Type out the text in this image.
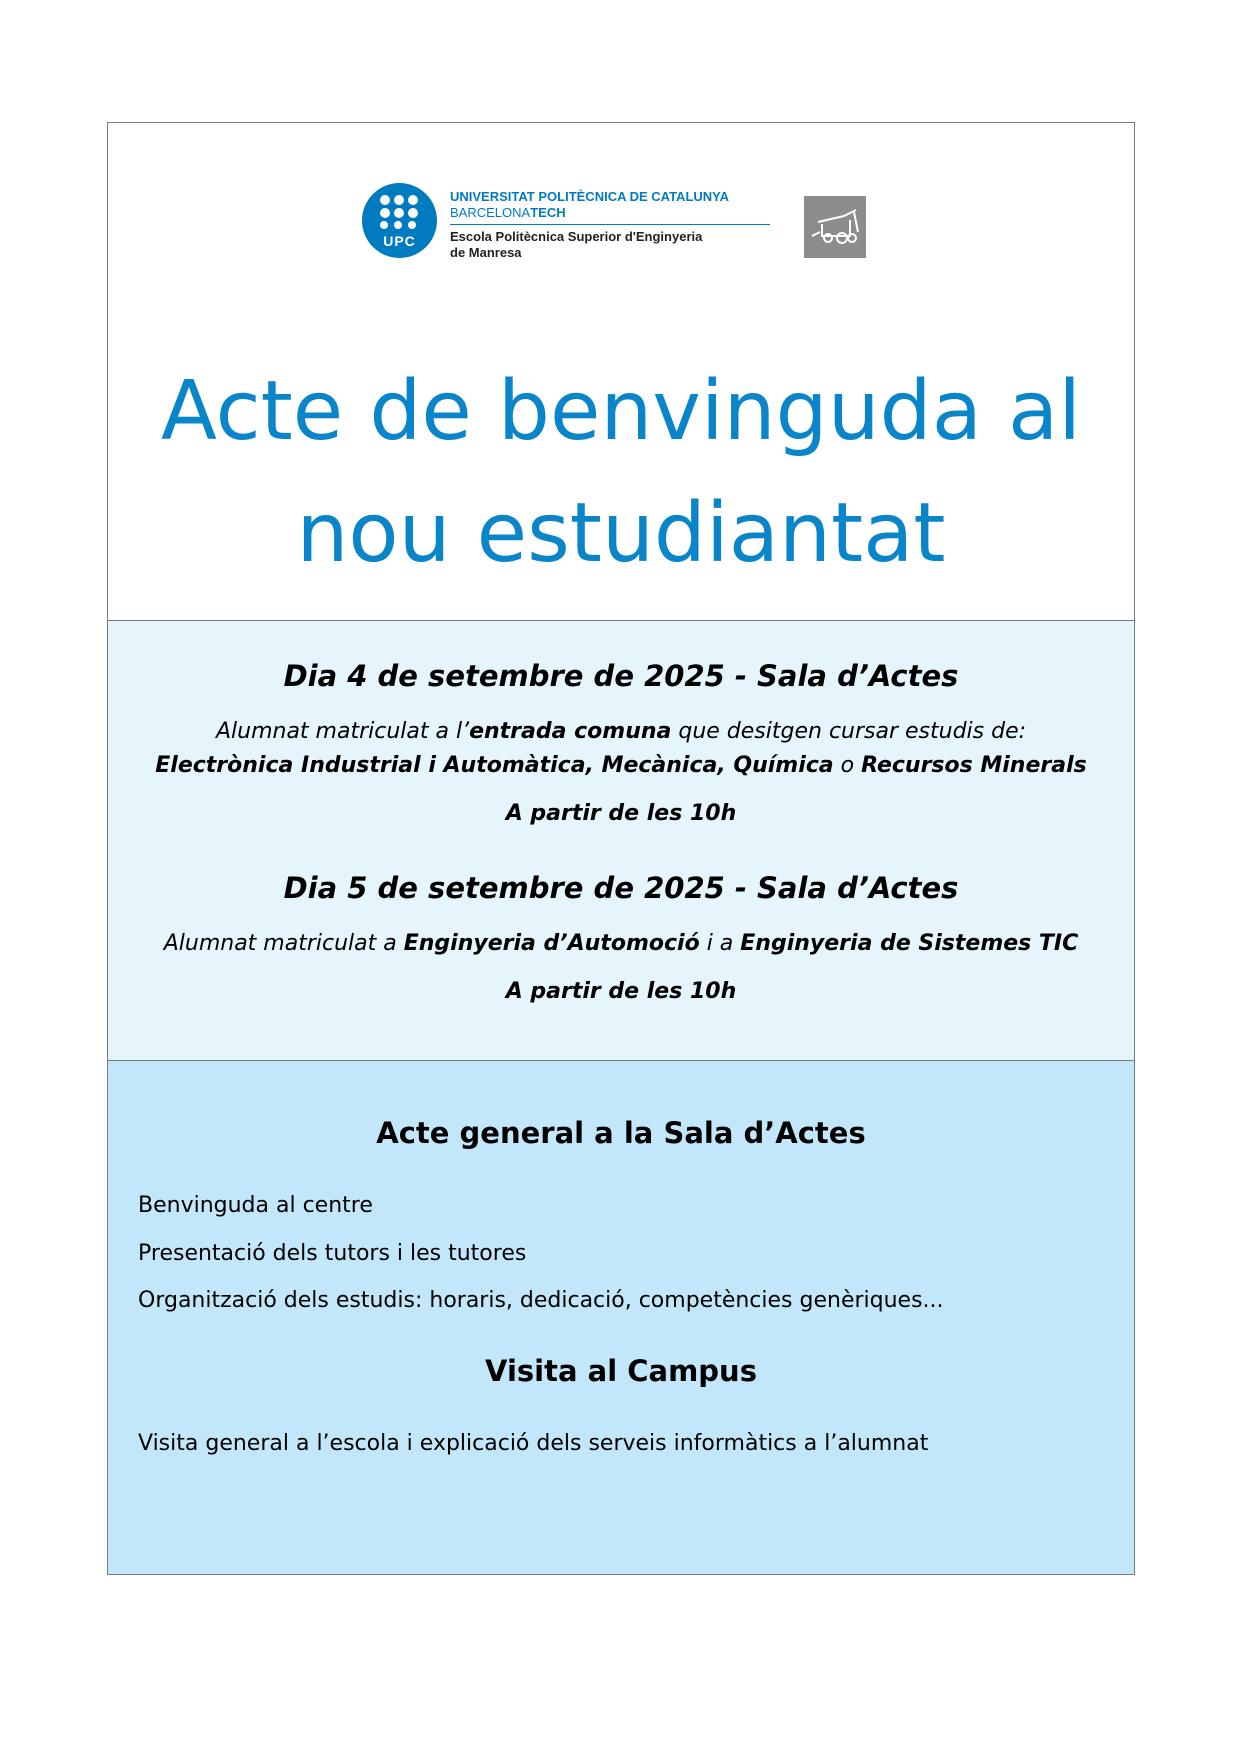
UPC
UNIVERSITAT POLITÈCNICA DE CATALUNYA
BARCELONATECH
Escola Politècnica Superior d'Enginyeria
de Manresa
Acte de benvinguda al
nou estudiantat
Dia 4 de setembre de 2025 - Sala d’Actes
Alumnat matriculat a l’entrada comuna que desitgen cursar estudis de:
Electrònica Industrial i Automàtica, Mecànica, Química o Recursos Minerals
A partir de les 10h
Dia 5 de setembre de 2025 - Sala d’Actes
Alumnat matriculat a Enginyeria d’Automoció i a Enginyeria de Sistemes TIC
A partir de les 10h
Acte general a la Sala d’Actes
Benvinguda al centre
Presentació dels tutors i les tutores
Organització dels estudis: horaris, dedicació, competències genèriques...
Visita al Campus
Visita general a l’escola i explicació dels serveis informàtics a l’alumnat
